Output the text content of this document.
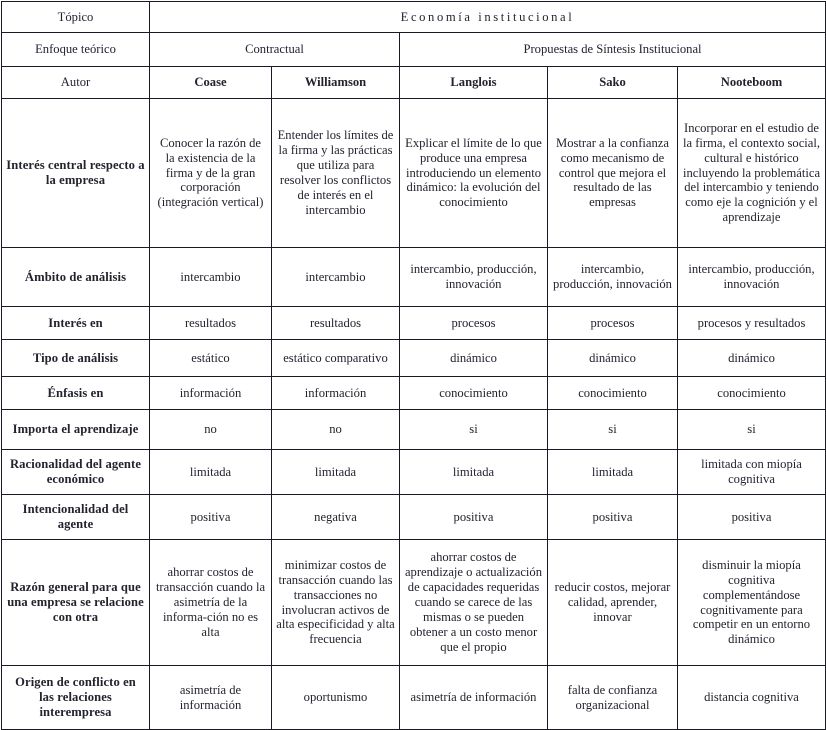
Tópico	Economía institucional				
Enfoque teórico	Contractual		Propuestas de Síntesis Institucional		
Autor	Coase	Williamson	Langlois	Sako	Nooteboom
Interés central respecto a la empresa	Conocer la razón de la existencia de la firma y de la gran corporación (integración vertical)	Entender los límites de la firma y las prácticas que utiliza para resolver los conflictos de interés en el intercambio	Explicar el límite de lo que produce una empresa introduciendo un elemento dinámico: la evolución del conocimiento	Mostrar a la confianza como mecanismo de control que mejora el resultado de las empresas	Incorporar en el estudio de la firma, el contexto social, cultural e histórico incluyendo la problemática del intercambio y teniendo como eje la cognición y el aprendizaje
Ámbito de análisis	intercambio	intercambio	intercambio, producción, innovación	intercambio, producción, innovación	intercambio, producción, innovación
Interés en	resultados	resultados	procesos	procesos	procesos y resultados
Tipo de análisis	estático	estático comparativo	dinámico	dinámico	dinámico
Énfasis en	información	información	conocimiento	conocimiento	conocimiento
Importa el aprendizaje	no	no	si	si	si
Racionalidad del agente económico	limitada	limitada	limitada	limitada	limitada con miopía cognitiva
Intencionalidad del agente	positiva	negativa	positiva	positiva	positiva
Razón general para que una empresa se relacione con otra	ahorrar costos de transacción cuando la asimetría de la informa-ción no es alta	minimizar costos de transacción cuando las transacciones no involucran activos de alta especificidad y alta frecuencia	ahorrar costos de aprendizaje o actualización de capacidades requeridas cuando se carece de las mismas o se pueden obtener a un costo menor que el propio	reducir costos, mejorar calidad, aprender, innovar	disminuir la miopía cognitiva complementándose cognitivamente para competir en un entorno dinámico
Origen de conflicto en las relaciones interempresa	asimetría de información	oportunismo	asimetría de información	falta de confianza organizacional	distancia cognitiva
